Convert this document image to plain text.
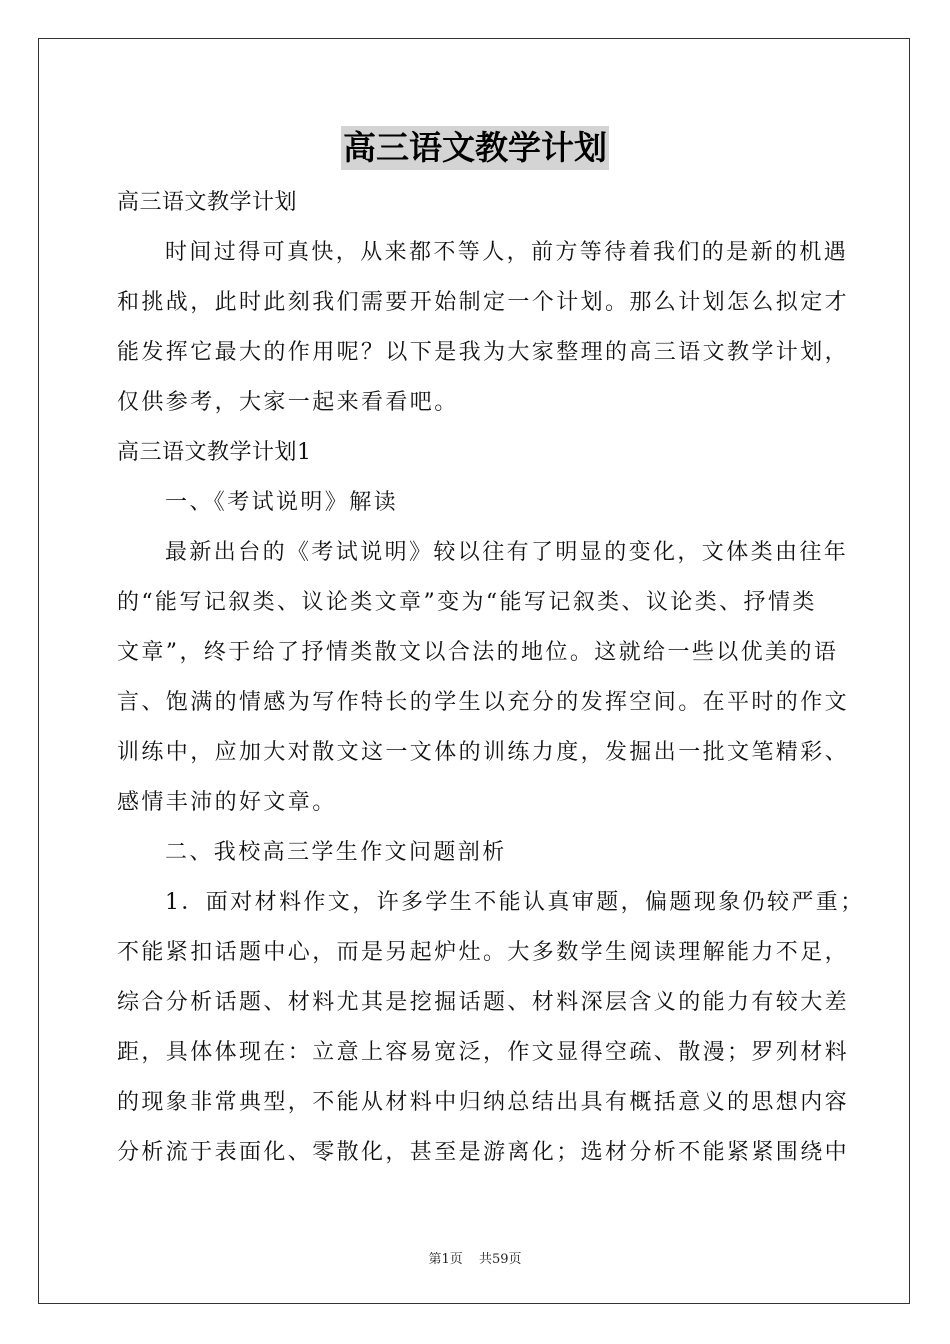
高三语文教学计划
高三语文教学计划
时间过得可真快，从来都不等人，前方等待着我们的是新的机遇
和挑战，此时此刻我们需要开始制定一个计划。那么计划怎么拟定才
能发挥它最大的作用呢？以下是我为大家整理的高三语文教学计划，
仅供参考，大家一起来看看吧。
高三语文教学计划1
一、《考试说明》解读
最新出台的《考试说明》较以往有了明显的变化，文体类由往年
的“能写记叙类、议论类文章”变为“能写记叙类、议论类、抒情类
文章”，终于给了抒情类散文以合法的地位。这就给一些以优美的语
言、饱满的情感为写作特长的学生以充分的发挥空间。在平时的作文
训练中，应加大对散文这一文体的训练力度，发掘出一批文笔精彩、
感情丰沛的好文章。
二、我校高三学生作文问题剖析
1．面对材料作文，许多学生不能认真审题，偏题现象仍较严重；
不能紧扣话题中心，而是另起炉灶。大多数学生阅读理解能力不足，
综合分析话题、材料尤其是挖掘话题、材料深层含义的能力有较大差
距，具体体现在：立意上容易宽泛，作文显得空疏、散漫；罗列材料
的现象非常典型，不能从材料中归纳总结出具有概括意义的思想内容
分析流于表面化、零散化，甚至是游离化；选材分析不能紧紧围绕中
第1页 共59页
